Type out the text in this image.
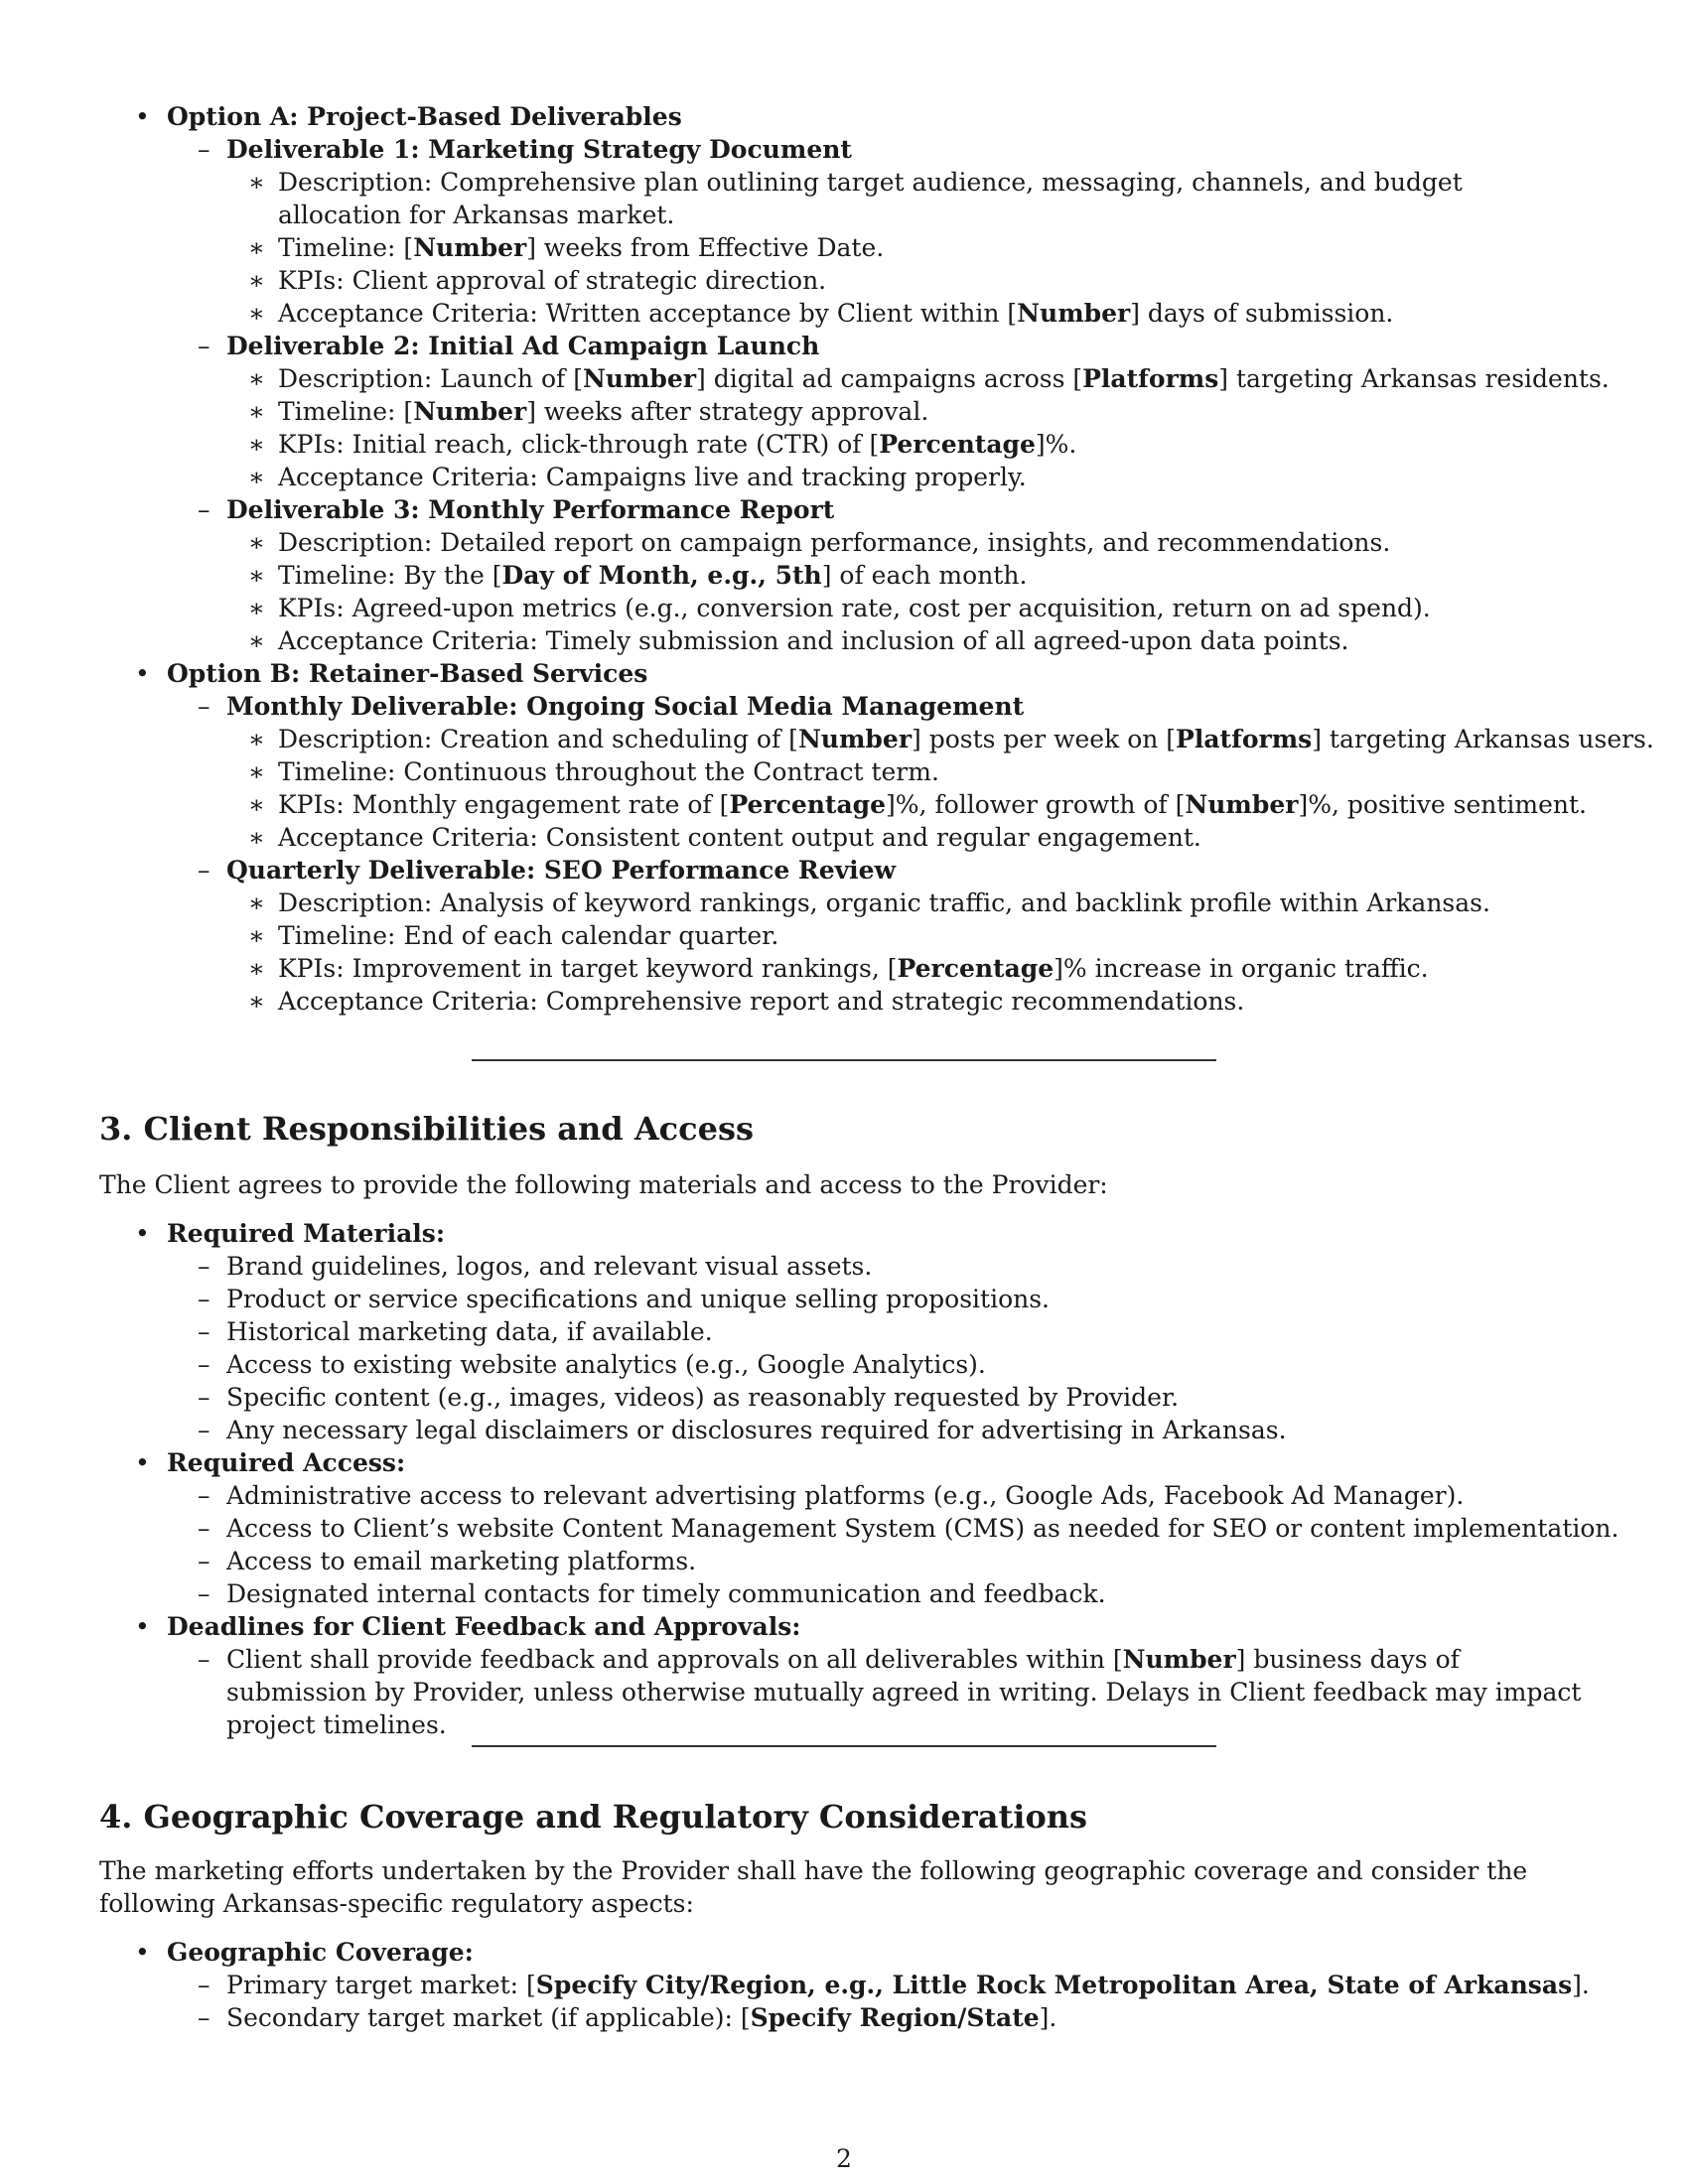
• Option A: Project-Based Deliverables
– Deliverable 1: Marketing Strategy Document
∗ Description: Comprehensive plan outlining target audience, messaging, channels, and budget allocation for Arkansas market.
∗ Timeline: [Number] weeks from Effective Date.
∗ KPIs: Client approval of strategic direction.
∗ Acceptance Criteria: Written acceptance by Client within [Number] days of submission.
– Deliverable 2: Initial Ad Campaign Launch
∗ Description: Launch of [Number] digital ad campaigns across [Platforms] targeting Arkansas residents.
∗ Timeline: [Number] weeks after strategy approval.
∗ KPIs: Initial reach, click-through rate (CTR) of [Percentage]%.
∗ Acceptance Criteria: Campaigns live and tracking properly.
– Deliverable 3: Monthly Performance Report
∗ Description: Detailed report on campaign performance, insights, and recommendations.
∗ Timeline: By the [Day of Month, e.g., 5th] of each month.
∗ KPIs: Agreed-upon metrics (e.g., conversion rate, cost per acquisition, return on ad spend).
∗ Acceptance Criteria: Timely submission and inclusion of all agreed-upon data points.
• Option B: Retainer-Based Services
– Monthly Deliverable: Ongoing Social Media Management
∗ Description: Creation and scheduling of [Number] posts per week on [Platforms] targeting Arkansas users.
∗ Timeline: Continuous throughout the Contract term.
∗ KPIs: Monthly engagement rate of [Percentage]%, follower growth of [Number]%, positive sentiment.
∗ Acceptance Criteria: Consistent content output and regular engagement.
– Quarterly Deliverable: SEO Performance Review
∗ Description: Analysis of keyword rankings, organic traffic, and backlink profile within Arkansas.
∗ Timeline: End of each calendar quarter.
∗ KPIs: Improvement in target keyword rankings, [Percentage]% increase in organic traffic.
∗ Acceptance Criteria: Comprehensive report and strategic recommendations.
3. Client Responsibilities and Access
The Client agrees to provide the following materials and access to the Provider:
• Required Materials:
– Brand guidelines, logos, and relevant visual assets.
– Product or service specifications and unique selling propositions.
– Historical marketing data, if available.
– Access to existing website analytics (e.g., Google Analytics).
– Specific content (e.g., images, videos) as reasonably requested by Provider.
– Any necessary legal disclaimers or disclosures required for advertising in Arkansas.
• Required Access:
– Administrative access to relevant advertising platforms (e.g., Google Ads, Facebook Ad Manager).
– Access to Client’s website Content Management System (CMS) as needed for SEO or content implementation.
– Access to email marketing platforms.
– Designated internal contacts for timely communication and feedback.
• Deadlines for Client Feedback and Approvals:
– Client shall provide feedback and approvals on all deliverables within [Number] business days of submission by Provider, unless otherwise mutually agreed in writing. Delays in Client feedback may impact project timelines.
4. Geographic Coverage and Regulatory Considerations
The marketing efforts undertaken by the Provider shall have the following geographic coverage and consider the following Arkansas-specific regulatory aspects:
• Geographic Coverage:
– Primary target market: [Specify City/Region, e.g., Little Rock Metropolitan Area, State of Arkansas].
– Secondary target market (if applicable): [Specify Region/State].
2
